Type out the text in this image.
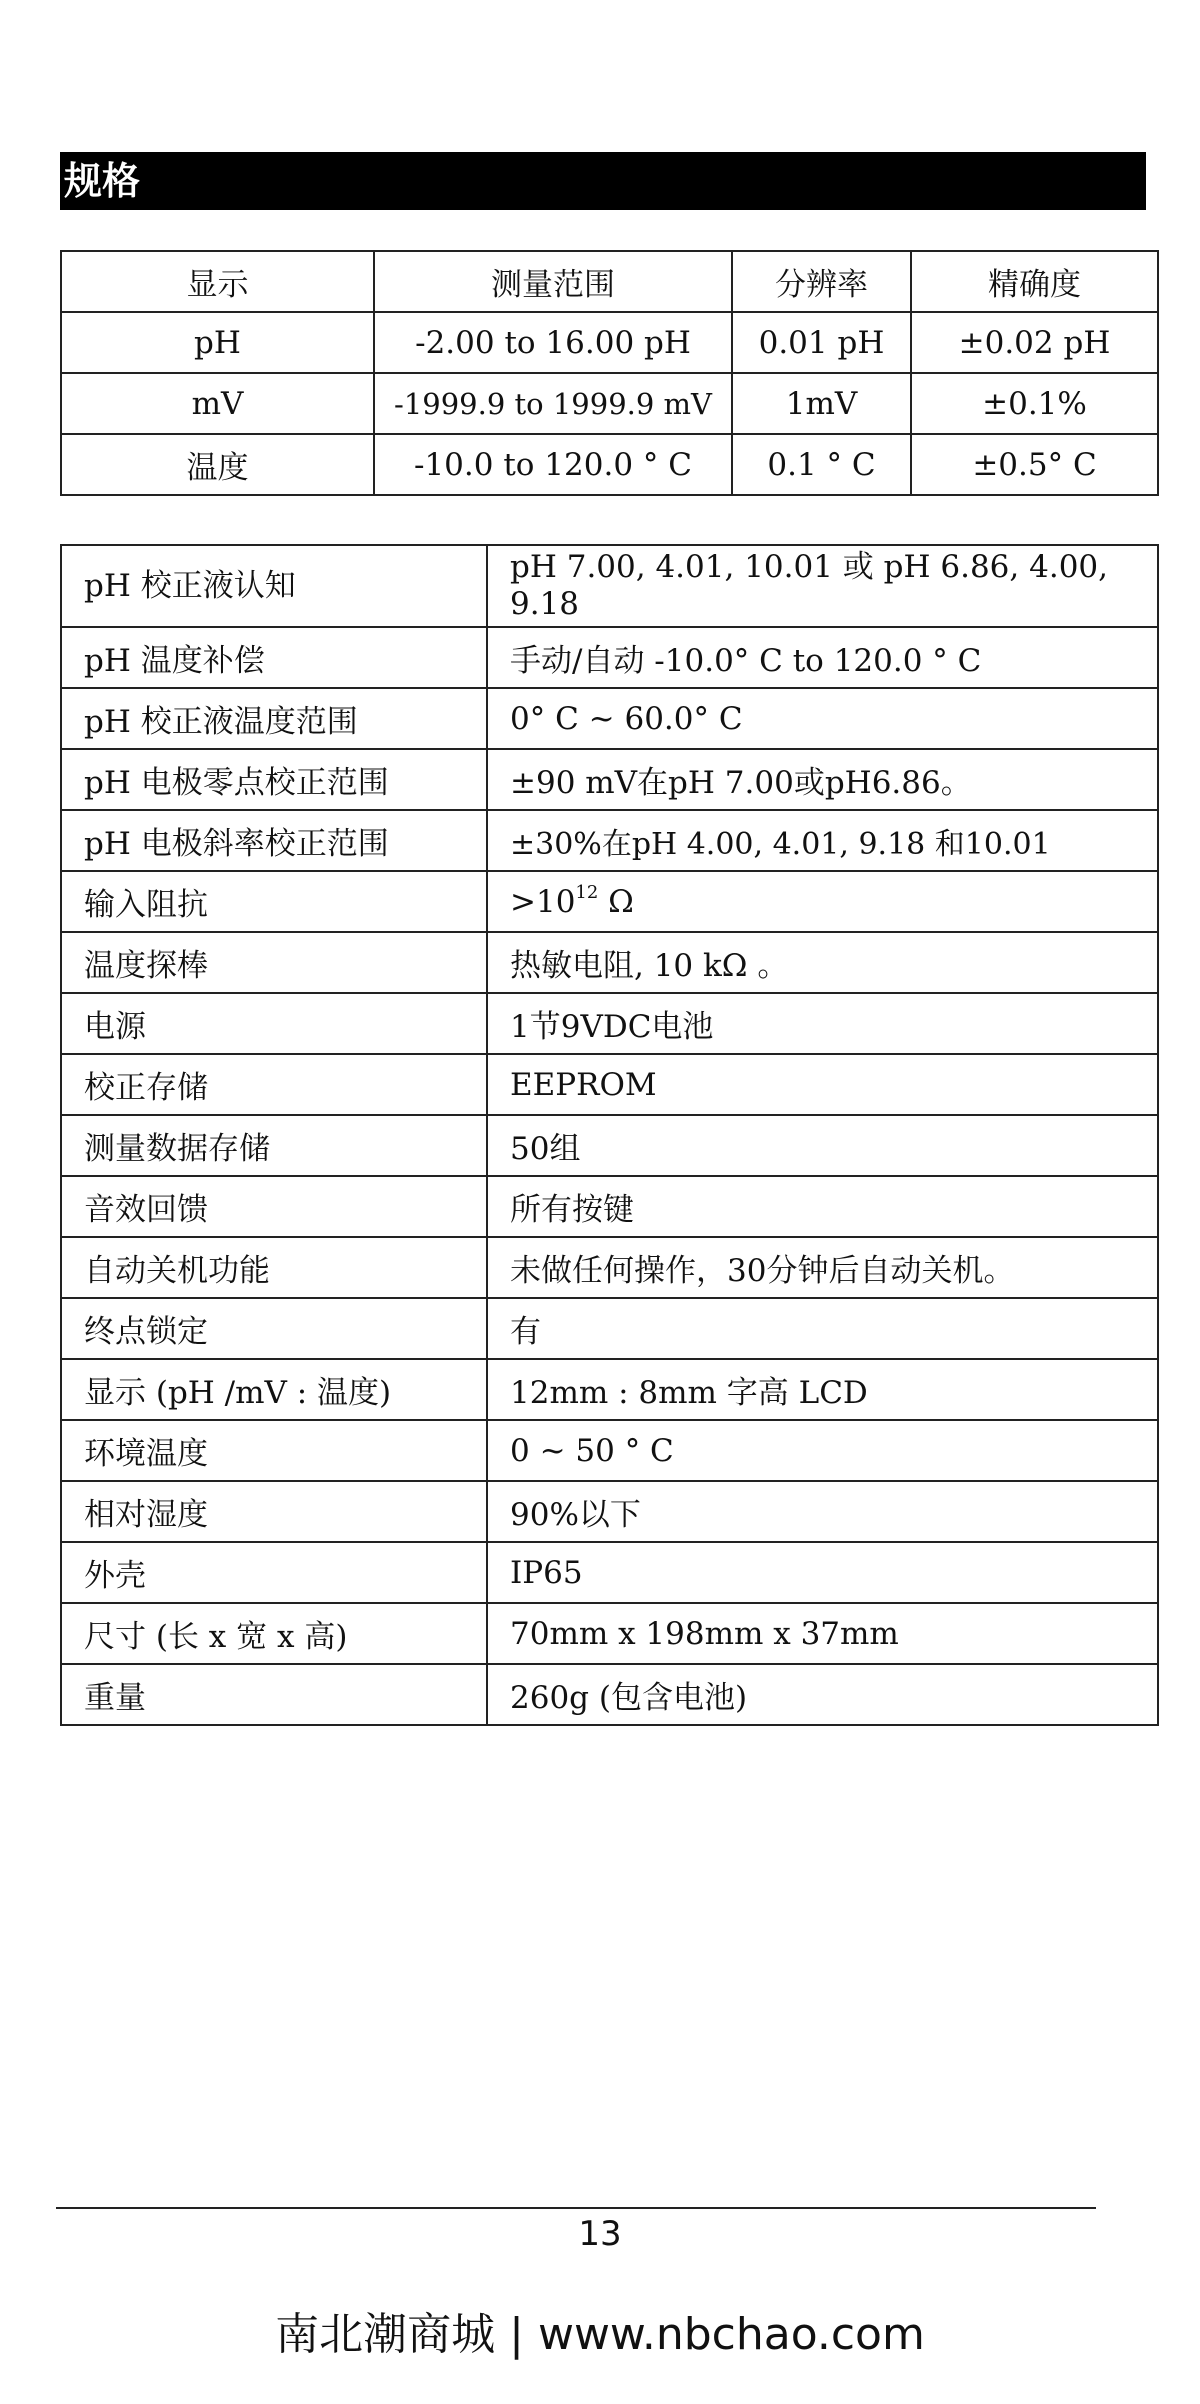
规格
显示	测量范围	分辨率	精确度
pH	-2.00 to 16.00 pH	0.01 pH	±0.02 pH
mV	-1999.9 to 1999.9 mV	1mV	±0.1%
温度	-10.0 to 120.0 ° C	0.1 ° C	±0.5° C
pH 校正液认知	pH 7.00, 4.01, 10.01 或 pH 6.86, 4.00, 9.18
pH 温度补偿	手动/自动 -10.0° C to 120.0 ° C
pH 校正液温度范围	0° C ~ 60.0° C
pH 电极零点校正范围	±90 mV在pH 7.00或pH6.86。
pH 电极斜率校正范围	±30%在pH 4.00, 4.01, 9.18 和10.01
输入阻抗	$>10^{12}$ Ω
温度探棒	热敏电阻, 10 kΩ 。
电源	1节9VDC电池
校正存储	EEPROM
测量数据存储	50组
音效回馈	所有按键
自动关机功能	未做任何操作，30分钟后自动关机。
终点锁定	有
显示 (pH /mV : 温度)	12mm : 8mm 字高 LCD
环境温度	0 ~ 50 ° C
相对湿度	90%以下
外壳	IP65
尺寸 (长 x 宽 x 高)	70mm x 198mm x 37mm
重量	260g (包含电池)
13
南北潮商城 | www.nbchao.com
